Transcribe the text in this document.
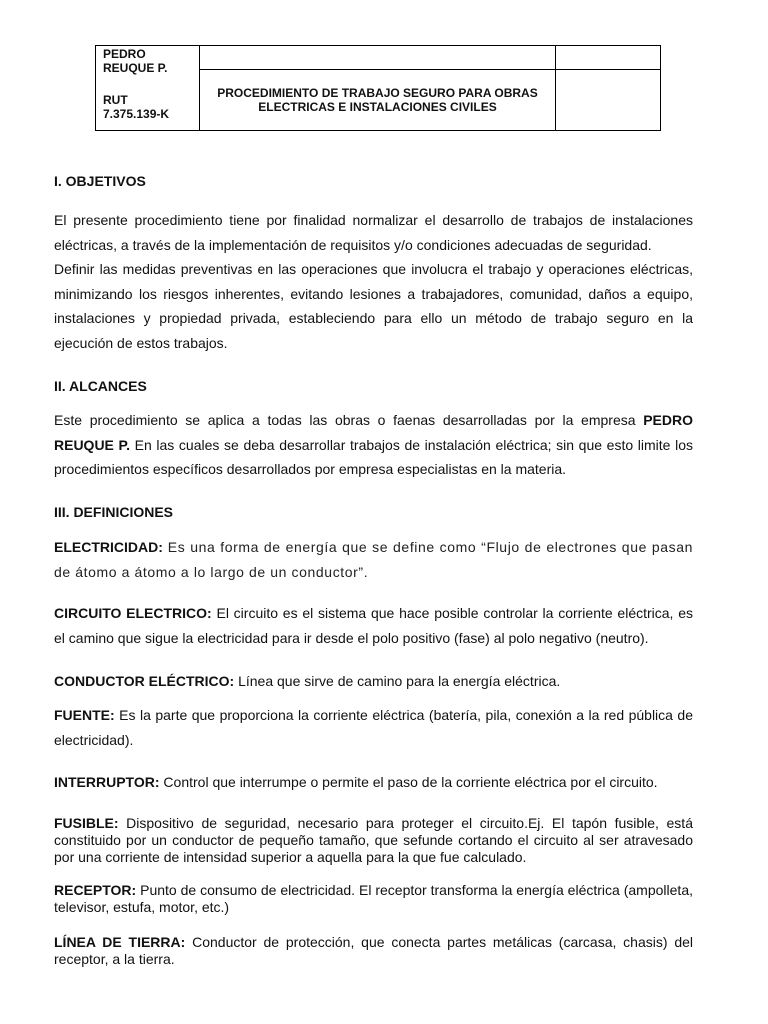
PEDRO
REUQUE P.
RUT
7.375.139-K		

	PROCEDIMIENTO DE TRABAJO SEGURO PARA OBRAS
ELECTRICAS E INSTALACIONES CIVILES	

I. OBJETIVOS

El presente procedimiento tiene por finalidad normalizar el desarrollo de trabajos de instalaciones eléctricas, a través de la implementación de requisitos y/o condiciones adecuadas de seguridad.

Definir las medidas preventivas en las operaciones que involucra el trabajo y operaciones eléctricas, minimizando los riesgos inherentes, evitando lesiones a trabajadores, comunidad, daños a equipo, instalaciones y propiedad privada, estableciendo para ello un método de trabajo seguro en la ejecución de estos trabajos.

II. ALCANCES

Este procedimiento se aplica a todas las obras o faenas desarrolladas por la empresa PEDRO REUQUE P. En las cuales se deba desarrollar trabajos de instalación eléctrica; sin que esto limite los procedimientos específicos desarrollados por empresa especialistas en la materia.

III. DEFINICIONES

ELECTRICIDAD: Es una forma de energía que se define como “Flujo de electrones que pasan de átomo a átomo a lo largo de un conductor”.

CIRCUITO ELECTRICO: El circuito es el sistema que hace posible controlar la corriente eléctrica, es el camino que sigue la electricidad para ir desde el polo positivo (fase) al polo negativo (neutro).

CONDUCTOR ELÉCTRICO: Línea que sirve de camino para la energía eléctrica.

FUENTE: Es la parte que proporciona la corriente eléctrica (batería, pila, conexión a la red pública de electricidad).

INTERRUPTOR: Control que interrumpe o permite el paso de la corriente eléctrica por el circuito.

FUSIBLE: Dispositivo de seguridad, necesario para proteger el circuito.Ej. El tapón fusible, está constituido por un conductor de pequeño tamaño, que sefunde cortando el circuito al ser atravesado por una corriente de intensidad superior a aquella para la que fue calculado.

RECEPTOR: Punto de consumo de electricidad. El receptor transforma la energía eléctrica (ampolleta, televisor, estufa, motor, etc.)

LÍNEA DE TIERRA: Conductor de protección, que conecta partes metálicas (carcasa, chasis) del receptor, a la tierra.
